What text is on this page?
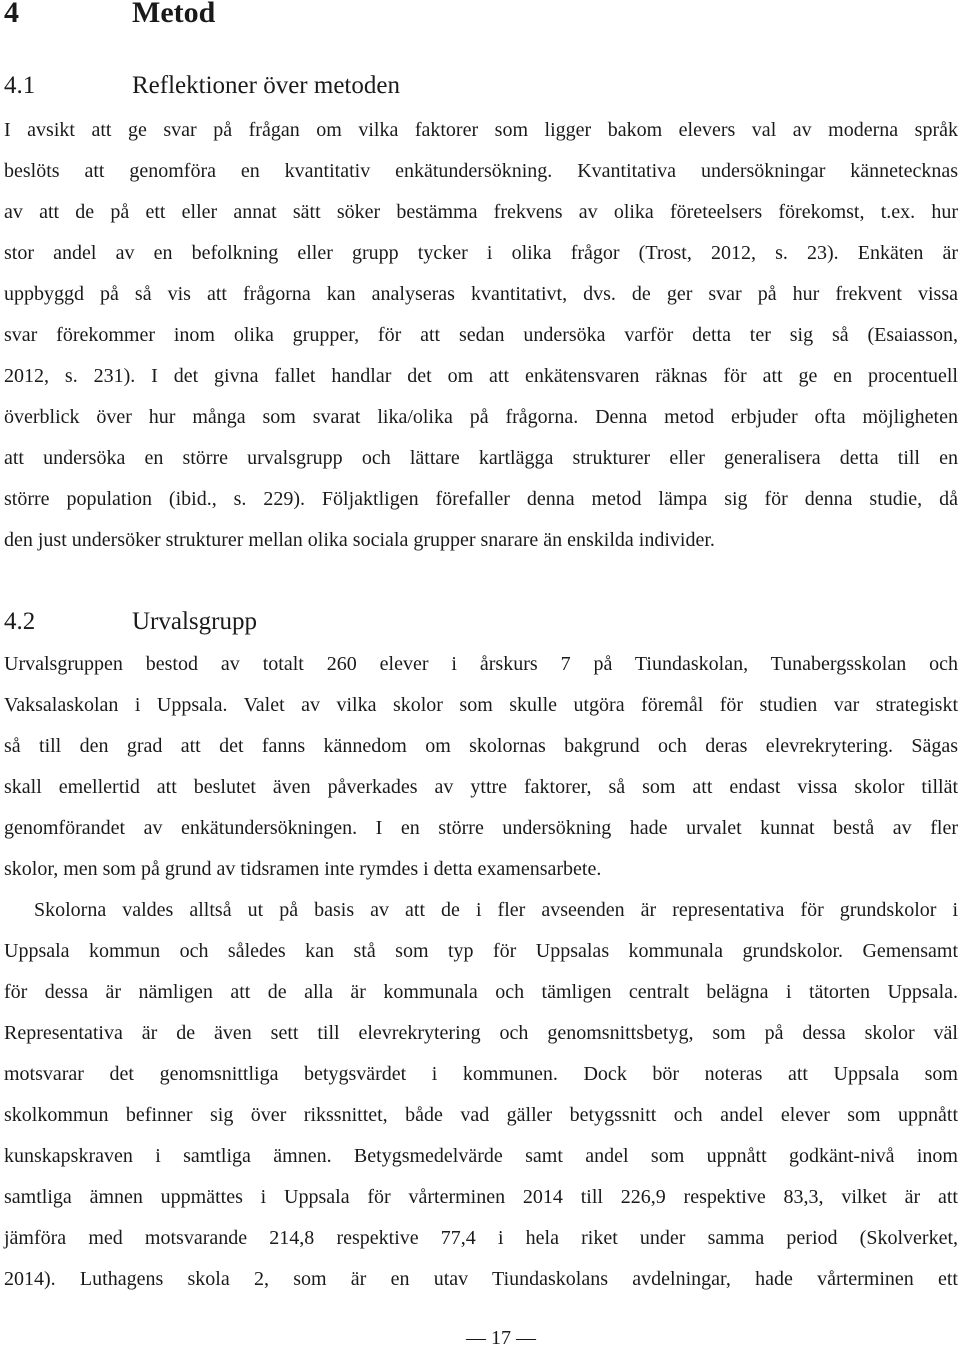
4	Metod
4.1	Reflektioner över metoden
I avsikt att ge svar på frågan om vilka faktorer som ligger bakom elevers val av moderna språk
beslöts att genomföra en kvantitativ enkätundersökning. Kvantitativa undersökningar kännetecknas
av att de på ett eller annat sätt söker bestämma frekvens av olika företeelsers förekomst, t.ex. hur
stor andel av en befolkning eller grupp tycker i olika frågor (Trost, 2012, s. 23). Enkäten är
uppbyggd på så vis att frågorna kan analyseras kvantitativt, dvs. de ger svar på hur frekvent vissa
svar förekommer inom olika grupper, för att sedan undersöka varför detta ter sig så (Esaiasson,
2012, s. 231). I det givna fallet handlar det om att enkätensvaren räknas för att ge en procentuell
överblick över hur många som svarat lika/olika på frågorna. Denna metod erbjuder ofta möjligheten
att undersöka en större urvalsgrupp och lättare kartlägga strukturer eller generalisera detta till en
större population (ibid., s. 229). Följaktligen förefaller denna metod lämpa sig för denna studie, då
den just undersöker strukturer mellan olika sociala grupper snarare än enskilda individer.
4.2	Urvalsgrupp
Urvalsgruppen bestod av totalt 260 elever i årskurs 7 på Tiundaskolan, Tunabergsskolan och
Vaksalaskolan i Uppsala. Valet av vilka skolor som skulle utgöra föremål för studien var strategiskt
så till den grad att det fanns kännedom om skolornas bakgrund och deras elevrekrytering. Sägas
skall emellertid att beslutet även påverkades av yttre faktorer, så som att endast vissa skolor tillät
genomförandet av enkätundersökningen. I en större undersökning hade urvalet kunnat bestå av fler
skolor, men som på grund av tidsramen inte rymdes i detta examensarbete.
Skolorna valdes alltså ut på basis av att de i fler avseenden är representativa för grundskolor i
Uppsala kommun och således kan stå som typ för Uppsalas kommunala grundskolor. Gemensamt
för dessa är nämligen att de alla är kommunala och tämligen centralt belägna i tätorten Uppsala.
Representativa är de även sett till elevrekrytering och genomsnittsbetyg, som på dessa skolor väl
motsvarar det genomsnittliga betygsvärdet i kommunen. Dock bör noteras att Uppsala som
skolkommun befinner sig över rikssnittet, både vad gäller betygssnitt och andel elever som uppnått
kunskapskraven i samtliga ämnen. Betygsmedelvärde samt andel som uppnått godkänt-nivå inom
samtliga ämnen uppmättes i Uppsala för vårterminen 2014 till 226,9 respektive 83,3, vilket är att
jämföra med motsvarande 214,8 respektive 77,4 i hela riket under samma period (Skolverket,
2014). Luthagens skola 2, som är en utav Tiundaskolans avdelningar, hade vårterminen ett
— 17 —
